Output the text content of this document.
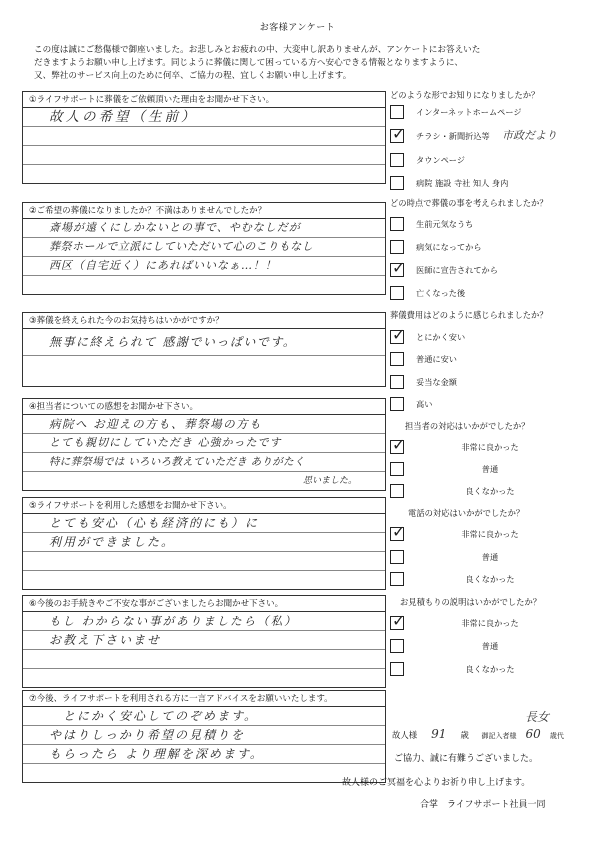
お客様アンケート
この度は誠にご愁傷様で御座いました。お悲しみとお疲れの中、大変申し訳ありませんが、アンケートにお答えいた
だきますようお願い申し上げます。同じように葬儀に関して困っている方へ安心できる情報となりますように、
又、弊社のサービス向上のために何卒、ご協力の程、宜しくお願い申し上げます。
①ライフサポートに葬儀をご依頼頂いた理由をお聞かせ下さい。
故人の希望（生前）
②ご希望の葬儀になりましたか？不満はありませんでしたか？
斎場が遠くにしかないとの事で、やむなしだが
葬祭ホールで立派にしていただいて心のこりもなし
西区（自宅近く）にあればいいなぁ…！！
③葬儀を終えられた今のお気持ちはいかがですか？
無事に終えられて 感謝でいっぱいです。
④担当者についての感想をお聞かせ下さい。
病院へ お迎えの方も、葬祭場の方も
とても親切にしていただき 心強かったです
特に葬祭場では いろいろ教えていただき ありがたく
思いました。
⑤ライフサポートを利用した感想をお聞かせ下さい。
とても安心（心も経済的にも）に
利用ができました。
⑥今後のお手続きやご不安な事がございましたらお聞かせ下さい。
もし わからない事がありましたら（私）
お教え下さいませ
⑦今後、ライフサポートを利用される方に一言アドバイスをお願いいたします。
とにかく安心してのぞめます。
やはりしっかり希望の見積りを
もらったら より理解を深めます。
どのような形でお知りになりましたか？
インターネットホームページ
✓
チラシ・新聞折込等 市政だより
タウンページ
病院 施設 寺社 知人 身内
どの時点で葬儀の事を考えられましたか？
生前元気なうち
病気になってから
✓
医師に宣告されてから
亡くなった後
葬儀費用はどのように感じられましたか？
✓
とにかく安い
普通に安い
妥当な金額
高い
担当者の対応はいかがでしたか？
✓
非常に良かった
普通
良くなかった
電話の対応はいかがでしたか？
✓
非常に良かった
普通
良くなかった
お見積もりの説明はいかがでしたか？
✓
非常に良かった
普通
良くなかった
長女
故人様 91 歳 御記入者様 60 歳代
ご協力、誠に有難うございました。
故人様のご冥福を心よりお祈り申し上げます。
合掌　ライフサポート社員一同
